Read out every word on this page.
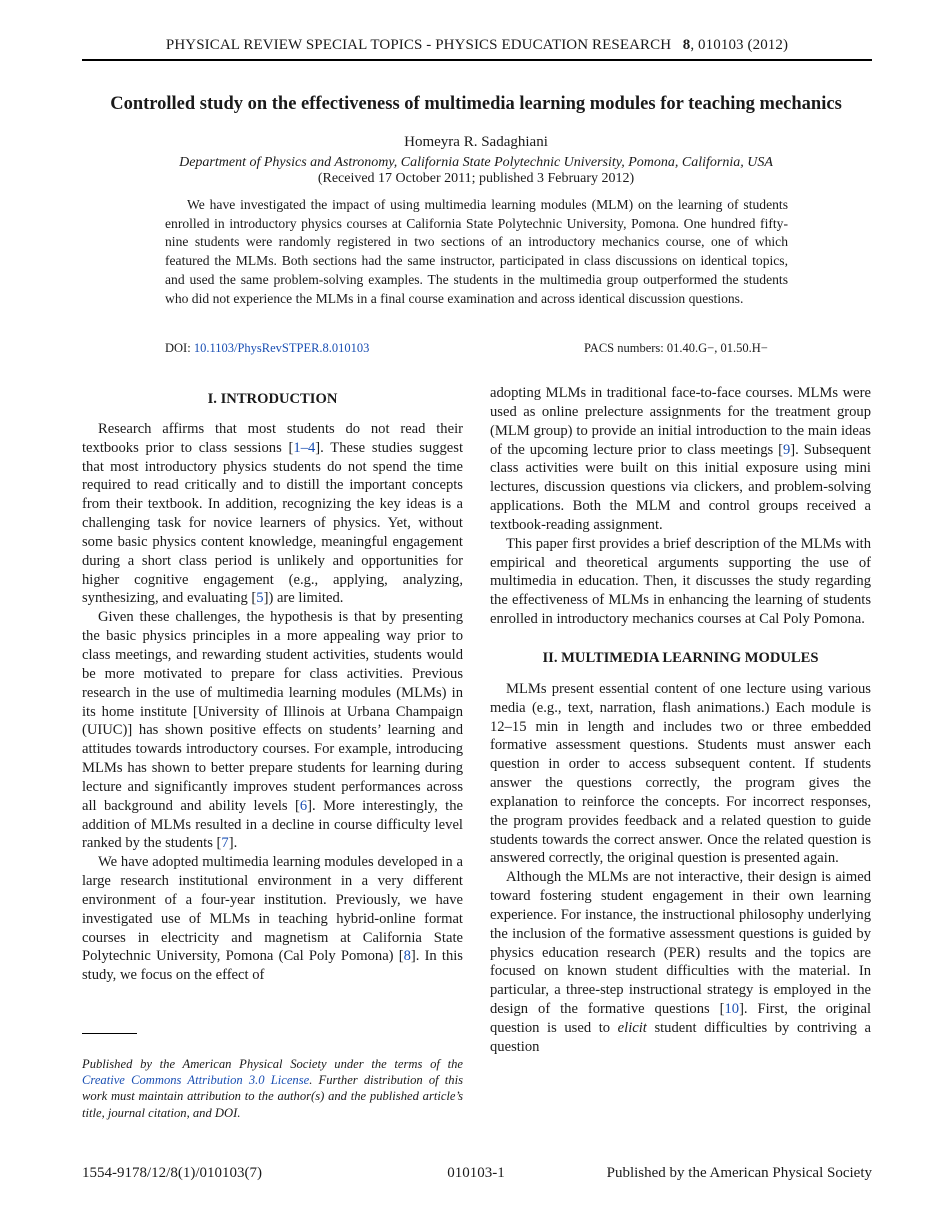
PHYSICAL REVIEW SPECIAL TOPICS - PHYSICS EDUCATION RESEARCH 8, 010103 (2012)
Controlled study on the effectiveness of multimedia learning modules for teaching mechanics
Homeyra R. Sadaghiani
Department of Physics and Astronomy, California State Polytechnic University, Pomona, California, USA
(Received 17 October 2011; published 3 February 2012)

We have investigated the impact of using multimedia learning modules (MLM) on the learning of students enrolled in introductory physics courses at California State Polytechnic University, Pomona. One hundred fifty-nine students were randomly registered in two sections of an introductory mechanics course, one of which featured the MLMs. Both sections had the same instructor, participated in class discussions on identical topics, and used the same problem-solving examples. The students in the multimedia group outperformed the students who did not experience the MLMs in a final course examination and across identical discussion questions.

DOI: 10.1103/PhysRevSTPER.8.010103	PACS numbers: 01.40.G−, 01.50.H−

I. INTRODUCTION

Research affirms that most students do not read their textbooks prior to class sessions [1–4]. These studies suggest that most introductory physics students do not spend the time required to read critically and to distill the important concepts from their textbook. In addition, recognizing the key ideas is a challenging task for novice learners of physics. Yet, without some basic physics content knowledge, meaningful engagement during a short class period is unlikely and opportunities for higher cognitive engagement (e.g., applying, analyzing, synthesizing, and evaluating [5]) are limited.

Given these challenges, the hypothesis is that by presenting the basic physics principles in a more appealing way prior to class meetings, and rewarding student activities, students would be more motivated to prepare for class activities. Previous research in the use of multimedia learning modules (MLMs) in its home institute [University of Illinois at Urbana Champaign (UIUC)] has shown positive effects on students’ learning and attitudes towards introductory courses. For example, introducing MLMs has shown to better prepare students for learning during lecture and significantly improves student performances across all background and ability levels [6]. More interestingly, the addition of MLMs resulted in a decline in course difficulty level ranked by the students [7].

We have adopted multimedia learning modules developed in a large research institutional environment in a very different environment of a four-year institution. Previously, we have investigated use of MLMs in teaching hybrid-online format courses in electricity and magnetism at California State Polytechnic University, Pomona (Cal Poly Pomona) [8]. In this study, we focus on the effect of

Published by the American Physical Society under the terms of the Creative Commons Attribution 3.0 License. Further distribution of this work must maintain attribution to the author(s) and the published article’s title, journal citation, and DOI.

adopting MLMs in traditional face-to-face courses. MLMs were used as online prelecture assignments for the treatment group (MLM group) to provide an initial introduction to the main ideas of the upcoming lecture prior to class meetings [9]. Subsequent class activities were built on this initial exposure using mini lectures, discussion questions via clickers, and problem-solving applications. Both the MLM and control groups received a textbook-reading assignment.

This paper first provides a brief description of the MLMs with empirical and theoretical arguments supporting the use of multimedia in education. Then, it discusses the study regarding the effectiveness of MLMs in enhancing the learning of students enrolled in introductory mechanics courses at Cal Poly Pomona.

II. MULTIMEDIA LEARNING MODULES

MLMs present essential content of one lecture using various media (e.g., text, narration, flash animations.) Each module is 12–15 min in length and includes two or three embedded formative assessment questions. Students must answer each question in order to access subsequent content. If students answer the questions correctly, the program gives the explanation to reinforce the concepts. For incorrect responses, the program provides feedback and a related question to guide students towards the correct answer. Once the related question is answered correctly, the original question is presented again.

Although the MLMs are not interactive, their design is aimed toward fostering student engagement in their own learning experience. For instance, the instructional philosophy underlying the inclusion of the formative assessment questions is guided by physics education research (PER) results and the topics are focused on known student difficulties with the material. In particular, a three-step instructional strategy is employed in the design of the formative questions [10]. First, the original question is used to elicit student difficulties by contriving a question

1554-9178/12/8(1)/010103(7)	010103-1	Published by the American Physical Society
